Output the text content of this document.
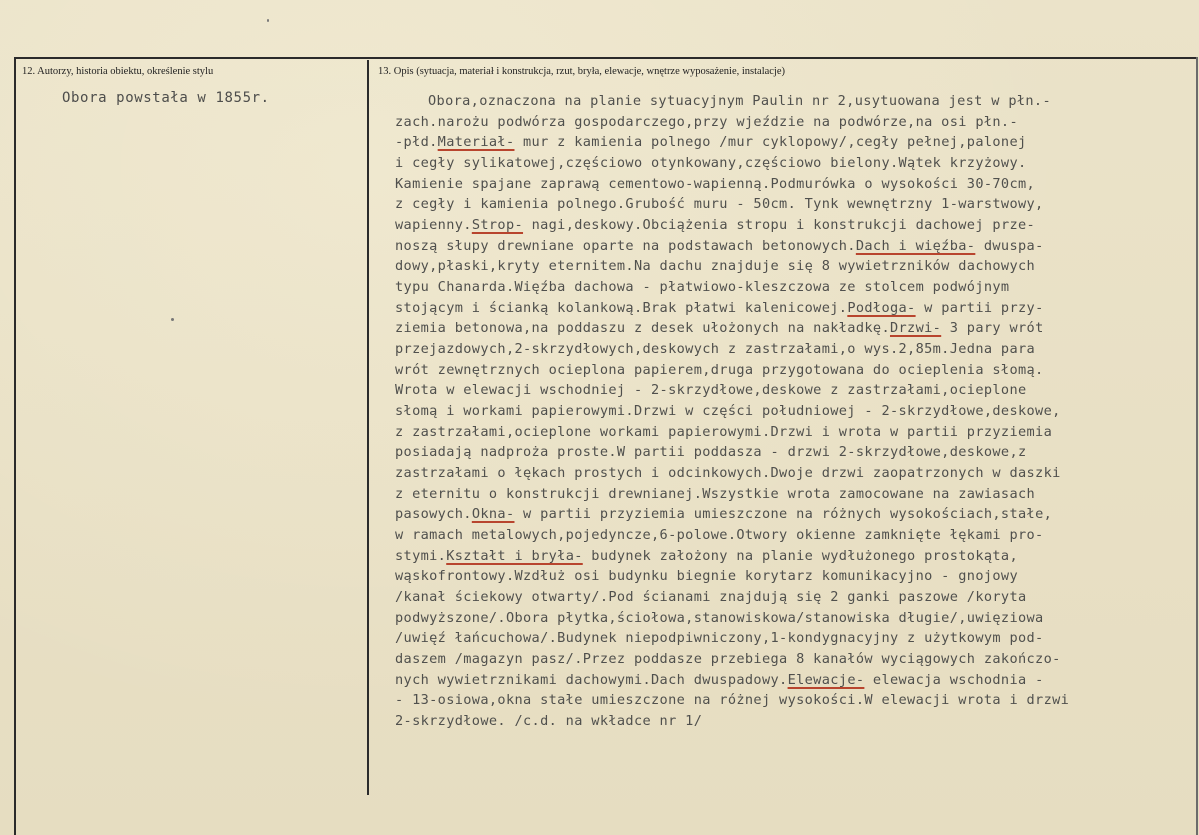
12. Autorzy, historia obiektu, określenie stylu
Obora powstała w 1855r.
13. Opis (sytuacja, materiał i konstrukcja, rzut, bryła, elewacje, wnętrze wyposażenie, instalacje)
Obora,oznaczona na planie sytuacyjnym Paulin nr 2,usytuowana jest w płn.-
zach.narożu podwórza gospodarczego,przy wjeździe na podwórze,na osi płn.-
-płd.Materiał- mur z kamienia polnego /mur cyklopowy/,cegły pełnej,palonej
i cegły sylikatowej,częściowo otynkowany,częściowo bielony.Wątek krzyżowy.
Kamienie spajane zaprawą cementowo-wapienną.Podmurówka o wysokości 30-70cm,
z cegły i kamienia polnego.Grubość muru - 50cm. Tynk wewnętrzny 1-warstwowy,
wapienny.Strop- nagi,deskowy.Obciążenia stropu i konstrukcji dachowej prze-
noszą słupy drewniane oparte na podstawach betonowych.Dach i więźba- dwuspa-
dowy,płaski,kryty eternitem.Na dachu znajduje się 8 wywietrzników dachowych
typu Chanarda.Więźba dachowa - płatwiowo-kleszczowa ze stolcem podwójnym
stojącym i ścianką kolankową.Brak płatwi kalenicowej.Podłoga- w partii przy-
ziemia betonowa,na poddaszu z desek ułożonych na nakładkę.Drzwi- 3 pary wrót
przejazdowych,2-skrzydłowych,deskowych z zastrzałami,o wys.2,85m.Jedna para
wrót zewnętrznych ocieplona papierem,druga przygotowana do ocieplenia słomą.
Wrota w elewacji wschodniej - 2-skrzydłowe,deskowe z zastrzałami,ocieplone
słomą i workami papierowymi.Drzwi w części południowej - 2-skrzydłowe,deskowe,
z zastrzałami,ocieplone workami papierowymi.Drzwi i wrota w partii przyziemia
posiadają nadproża proste.W partii poddasza - drzwi 2-skrzydłowe,deskowe,z
zastrzałami o łękach prostych i odcinkowych.Dwoje drzwi zaopatrzonych w daszki
z eternitu o konstrukcji drewnianej.Wszystkie wrota zamocowane na zawiasach
pasowych.Okna- w partii przyziemia umieszczone na różnych wysokościach,stałe,
w ramach metalowych,pojedyncze,6-polowe.Otwory okienne zamknięte łękami pro-
stymi.Kształt i bryła- budynek założony na planie wydłużonego prostokąta,
wąskofrontowy.Wzdłuż osi budynku biegnie korytarz komunikacyjno - gnojowy
/kanał ściekowy otwarty/.Pod ścianami znajdują się 2 ganki paszowe /koryta
podwyższone/.Obora płytka,ściołowa,stanowiskowa/stanowiska długie/,uwięziowa
/uwięź łańcuchowa/.Budynek niepodpiwniczony,1-kondygnacyjny z użytkowym pod-
daszem /magazyn pasz/.Przez poddasze przebiega 8 kanałów wyciągowych zakończo-
nych wywietrznikami dachowymi.Dach dwuspadowy.Elewacje- elewacja wschodnia -
- 13-osiowa,okna stałe umieszczone na różnej wysokości.W elewacji wrota i drzwi
2-skrzydłowe. /c.d. na wkładce nr 1/
